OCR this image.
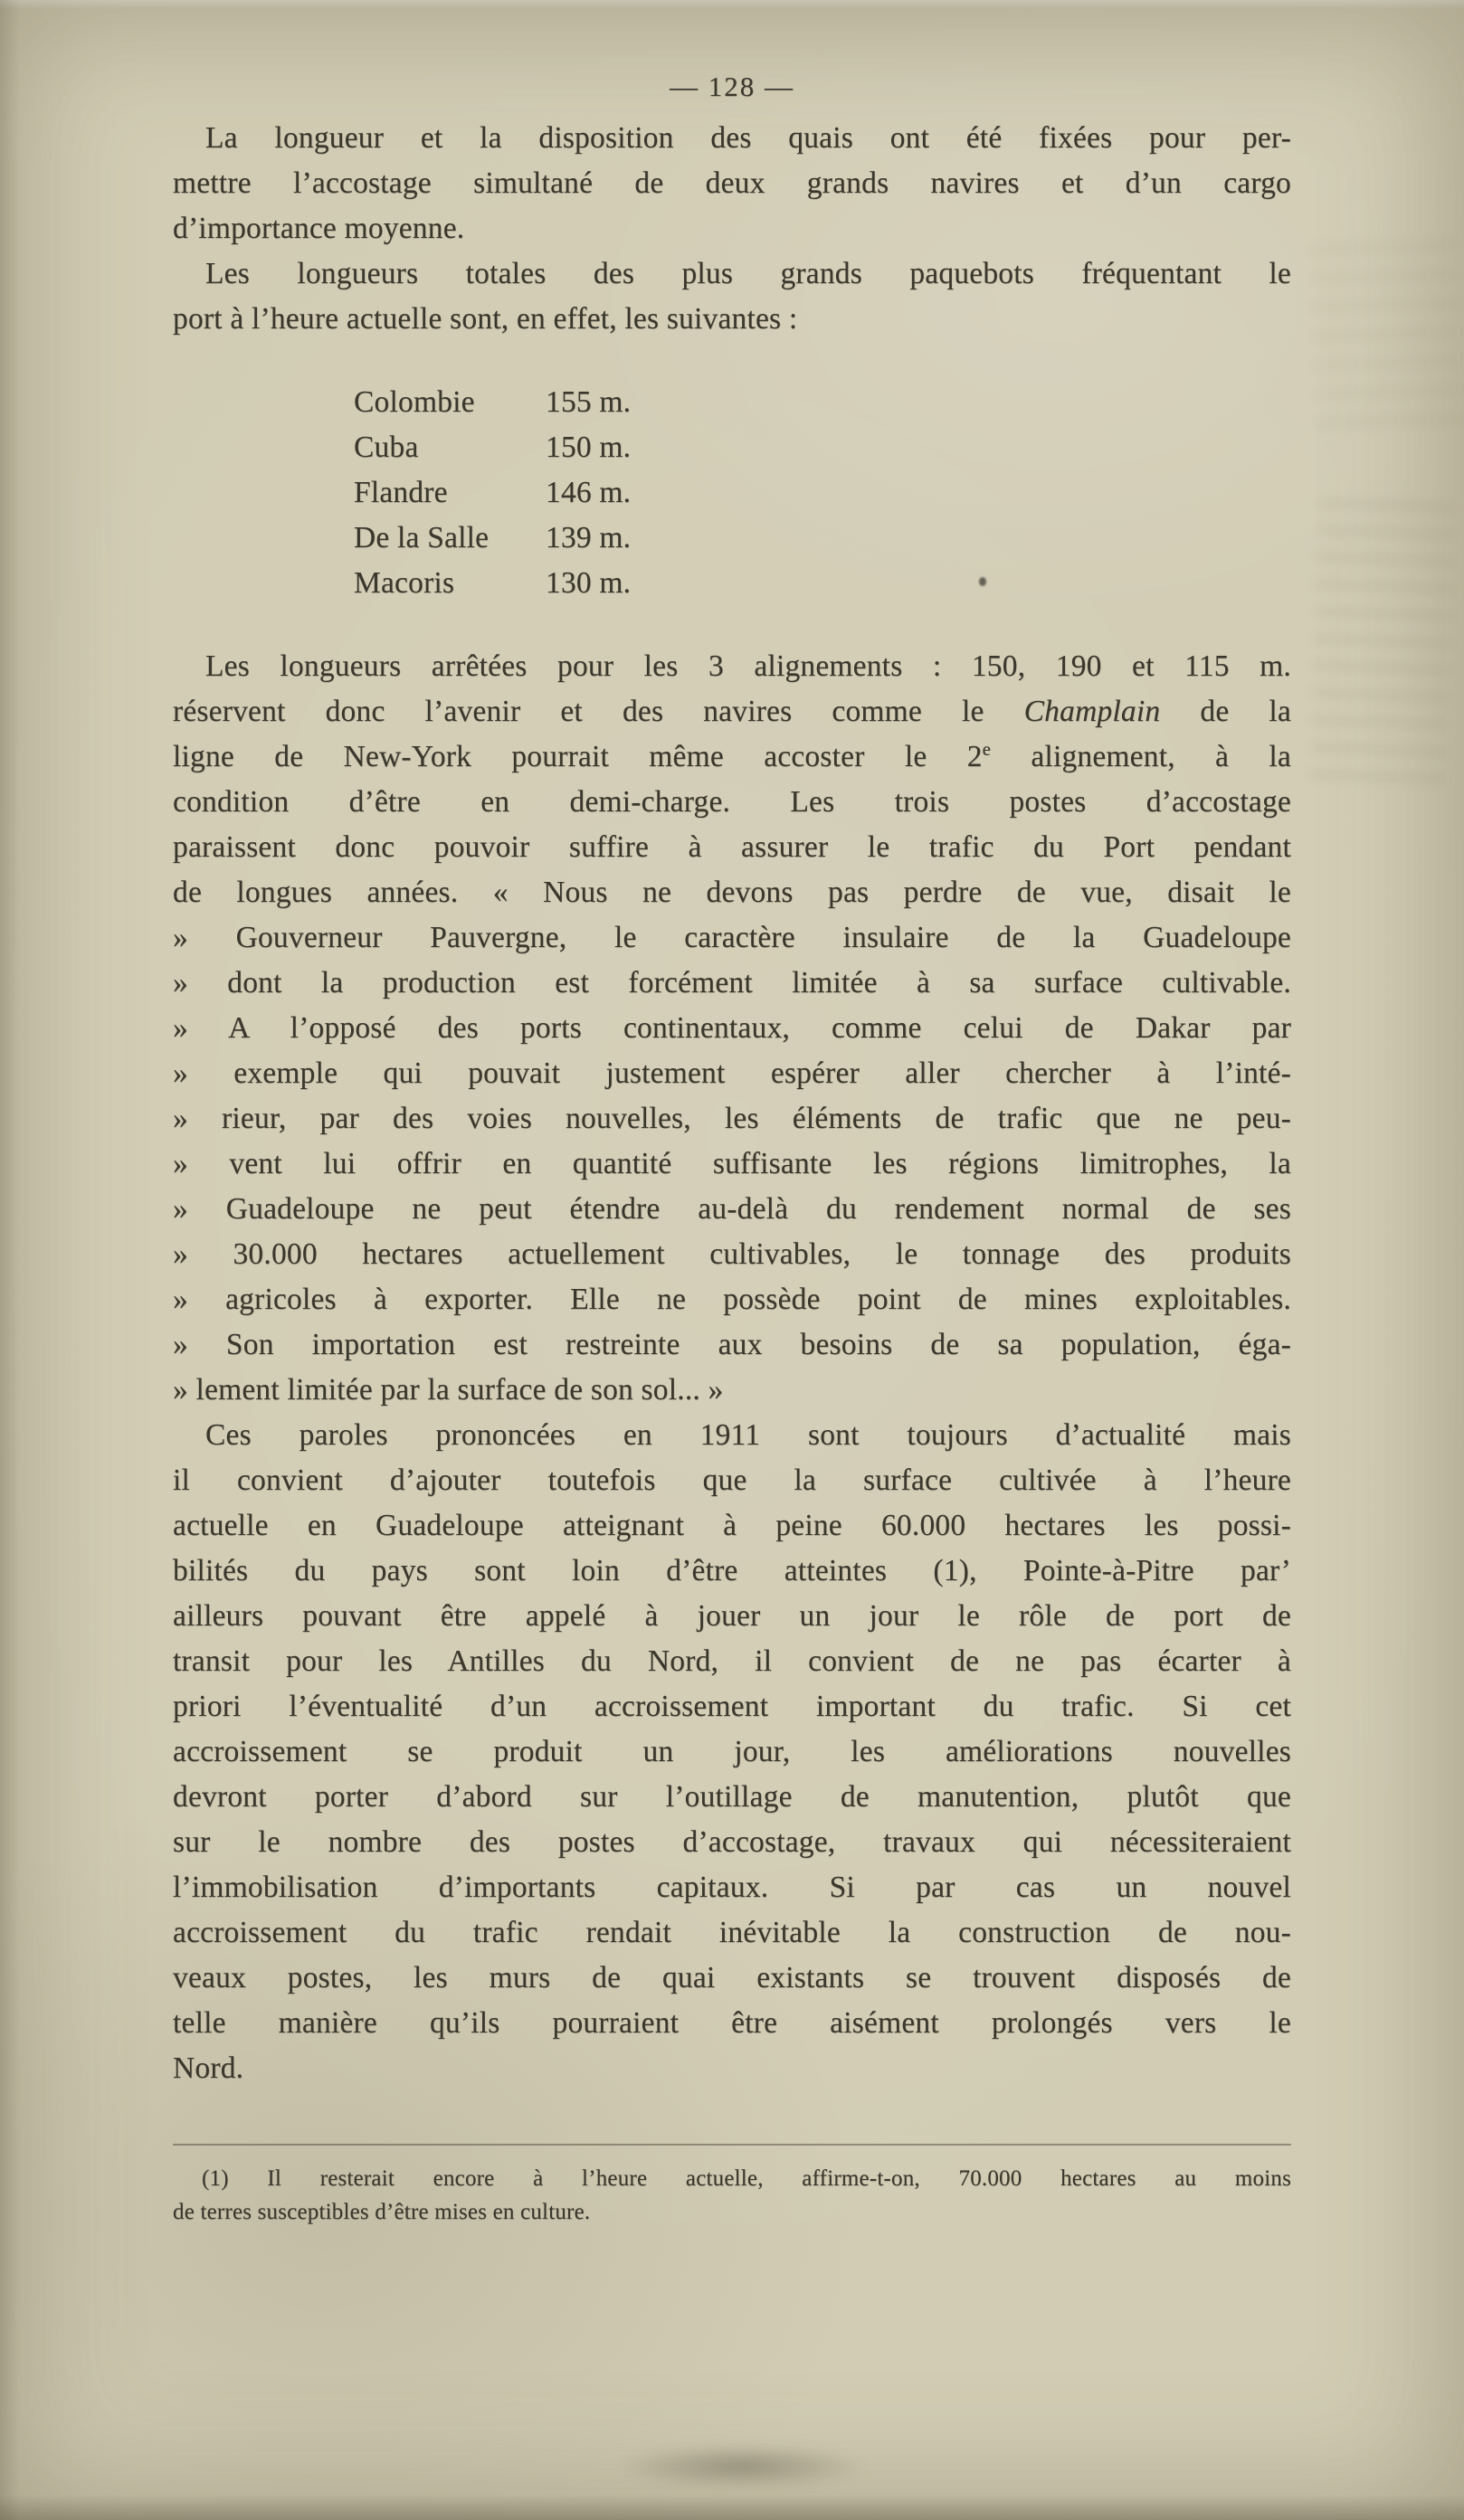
— 128 —
La longueur et la disposition des quais ont été fixées pour per-
mettre l’accostage simultané de deux grands navires et d’un cargo
d’importance moyenne.
Les longueurs totales des plus grands paquebots fréquentant le
port à l’heure actuelle sont, en effet, les suivantes :
Colombie	155 m.
Cuba	150 m.
Flandre	146 m.
De la Salle	139 m.
Macoris	130 m.
Les longueurs arrêtées pour les 3 alignements : 150, 190 et 115 m.
réservent donc l’avenir et des navires comme le Champlain de la
ligne de New-York pourrait même accoster le 2e alignement, à la
condition d’être en demi-charge. Les trois postes d’accostage
paraissent donc pouvoir suffire à assurer le trafic du Port pendant
de longues années. « Nous ne devons pas perdre de vue, disait le
» Gouverneur Pauvergne, le caractère insulaire de la Guadeloupe
» dont la production est forcément limitée à sa surface cultivable.
» A l’opposé des ports continentaux, comme celui de Dakar par
» exemple qui pouvait justement espérer aller chercher à l’inté-
» rieur, par des voies nouvelles, les éléments de trafic que ne peu-
» vent lui offrir en quantité suffisante les régions limitrophes, la
» Guadeloupe ne peut étendre au-delà du rendement normal de ses
» 30.000 hectares actuellement cultivables, le tonnage des produits
» agricoles à exporter. Elle ne possède point de mines exploitables.
» Son importation est restreinte aux besoins de sa population, éga-
» lement limitée par la surface de son sol... »
Ces paroles prononcées en 1911 sont toujours d’actualité mais
il convient d’ajouter toutefois que la surface cultivée à l’heure
actuelle en Guadeloupe atteignant à peine 60.000 hectares les possi-
bilités du pays sont loin d’être atteintes (1), Pointe-à-Pitre par’
ailleurs pouvant être appelé à jouer un jour le rôle de port de
transit pour les Antilles du Nord, il convient de ne pas écarter à
priori l’éventualité d’un accroissement important du trafic. Si cet
accroissement se produit un jour, les améliorations nouvelles
devront porter d’abord sur l’outillage de manutention, plutôt que
sur le nombre des postes d’accostage, travaux qui nécessiteraient
l’immobilisation d’importants capitaux. Si par cas un nouvel
accroissement du trafic rendait inévitable la construction de nou-
veaux postes, les murs de quai existants se trouvent disposés de
telle manière qu’ils pourraient être aisément prolongés vers le
Nord.
(1) Il resterait encore à l’heure actuelle, affirme-t-on, 70.000 hectares au moins
de terres susceptibles d’être mises en culture.
